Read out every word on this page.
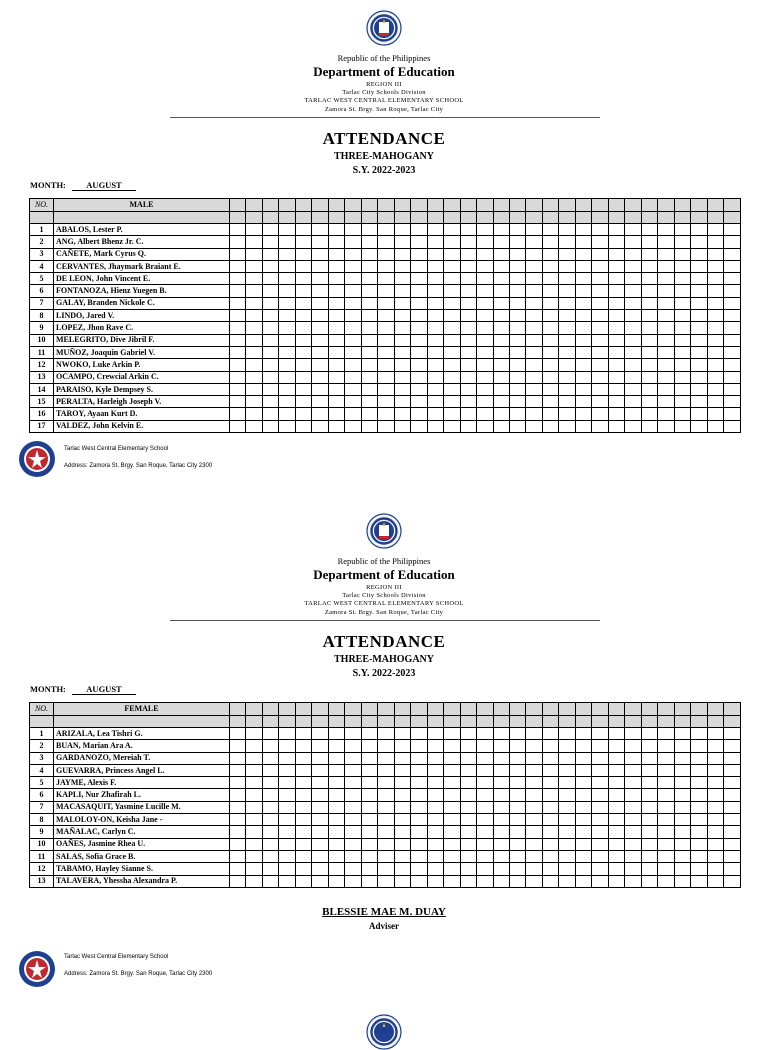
Republic of the Philippines
Department of Education
REGION III
Tarlac City Schools Division
TARLAC WEST CENTRAL ELEMENTARY SCHOOL
Zamora St. Brgy. San Roque, Tarlac City
ATTENDANCE
THREE-MAHOGANY
S.Y. 2022-2023
MONTH: AUGUST
NO.	MALE																															

1	ABALOS, Lester P.																															
2	ANG, Albert Bhenz Jr. C.																															
3	CAÑETE, Mark Cyrus Q.																															
4	CERVANTES, Jhaymark Braiant E.																															
5	DE LEON, John Vincent E.																															
6	FONTANOZA, Hienz Yuegen B.																															
7	GALAY, Branden Nickole C.																															
8	LINDO, Jared V.																															
9	LOPEZ, Jhon Rave C.																															
10	MELEGRITO, Dive Jibril F.																															
11	MUÑOZ, Joaquin Gabriel V.																															
12	NWOKO, Luke Arkin P.																															
13	OCAMPO, Crewcial Arkin C.																															
14	PARAISO, Kyle Dempsey S.																															
15	PERALTA, Harleigh Joseph V.																															
16	TAROY, Ayaan Kurt D.																															
17	VALDEZ, John Kelvin E.																															
Tarlac West Central Elementary School
Address: Zamora St. Brgy. San Roque, Tarlac City 2300
Republic of the Philippines
Department of Education
REGION III
Tarlac City Schools Division
TARLAC WEST CENTRAL ELEMENTARY SCHOOL
Zamora St. Brgy. San Roque, Tarlac City
ATTENDANCE
THREE-MAHOGANY
S.Y. 2022-2023
MONTH: AUGUST
NO.	FEMALE																															

1	ARIZALA, Lea Tishri G.																															
2	BUAN, Marian Ara A.																															
3	GARDANOZO, Mereiah T.																															
4	GUEVARRA, Princess Angel L.																															
5	JAYME, Alexis F.																															
6	KAPLI, Nur Zhafirah L.																															
7	MACASAQUIT, Yasmine Lucille M.																															
8	MALOLOY-ON, Keisha Jane -																															
9	MAÑALAC, Carlyn C.																															
10	OAÑES, Jasmine Rhea U.																															
11	SALAS, Sofia Grace B.																															
12	TABAMO, Hayley Sianne S.																															
13	TALAVERA, Yhessha Alexandra P.																															
BLESSIE MAE M. DUAY
Adviser
Tarlac West Central Elementary School
Address: Zamora St. Brgy. San Roque, Tarlac City 2300
